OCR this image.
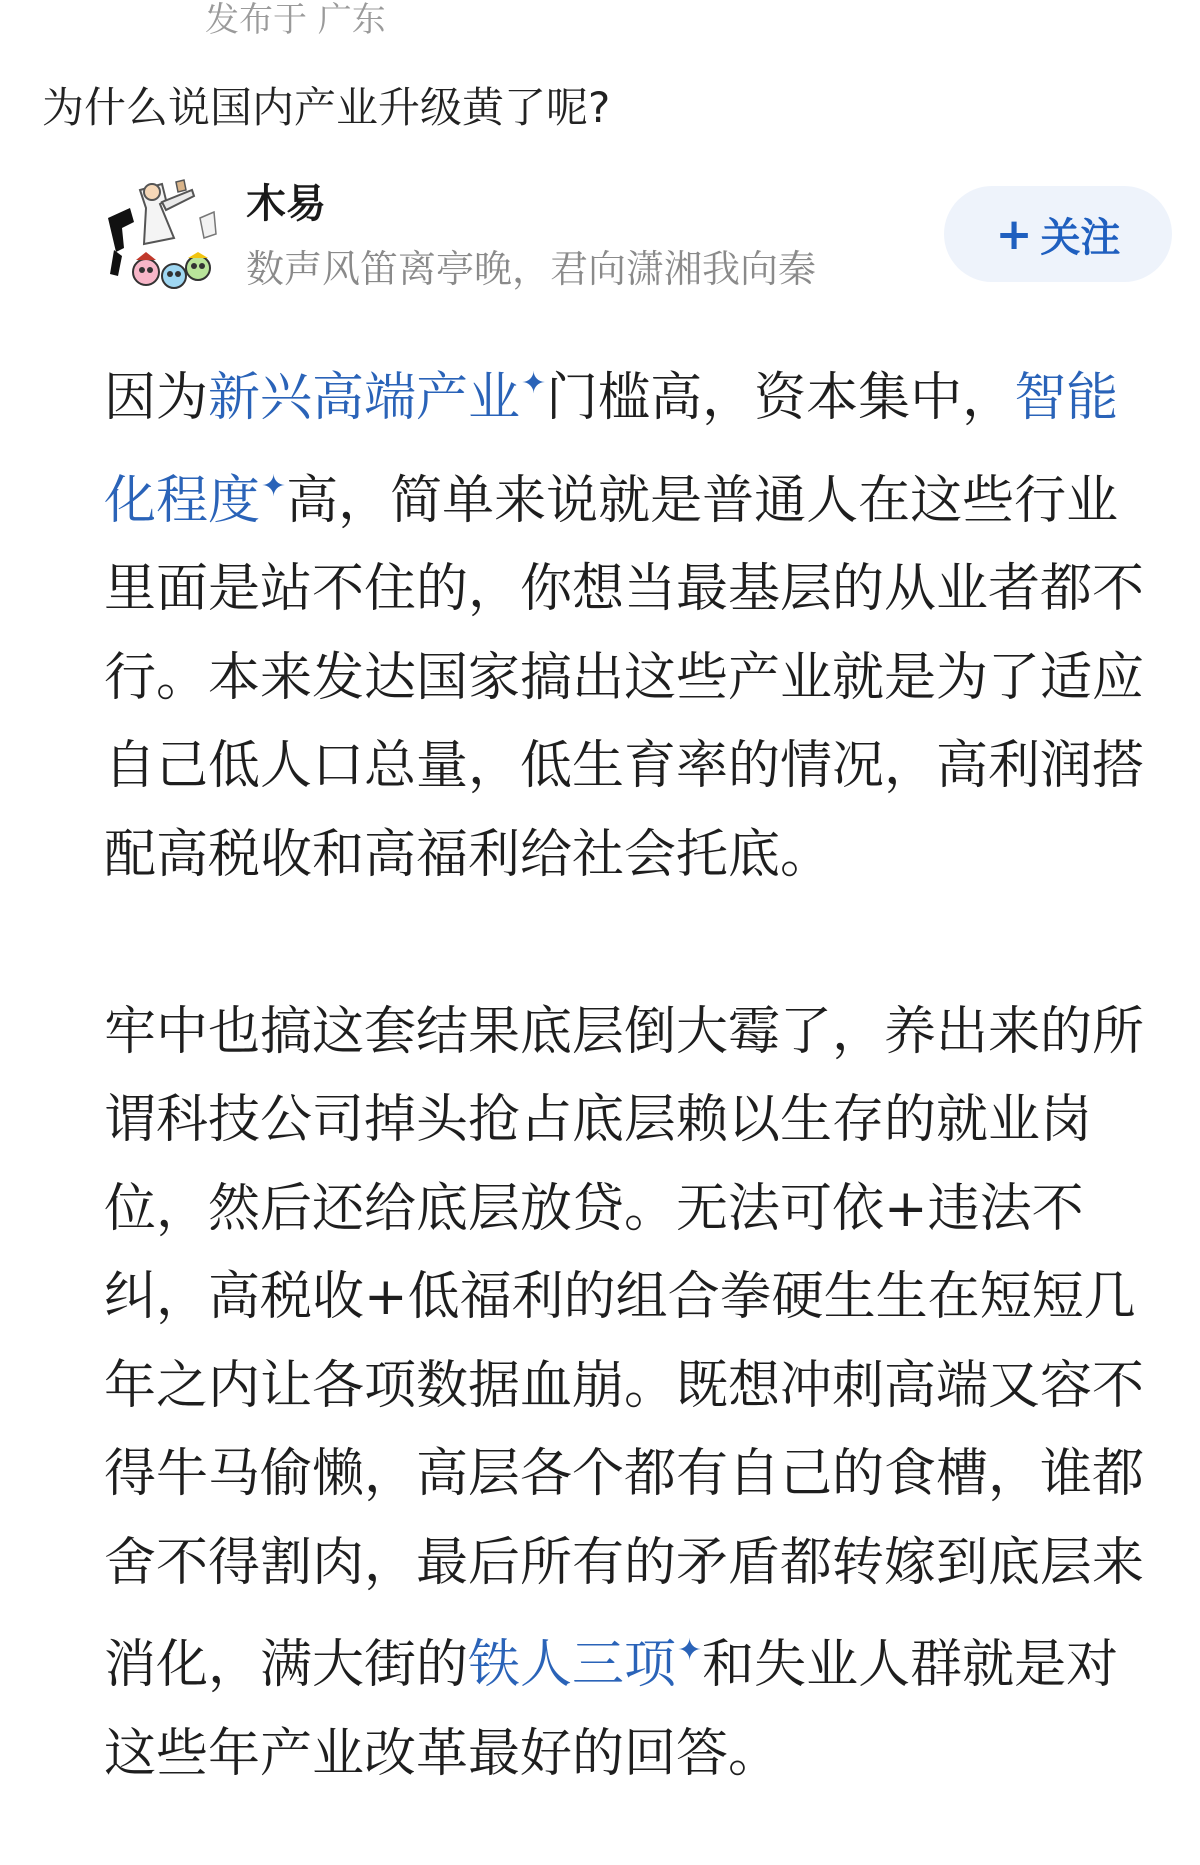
发布于 广东
为什么说国内产业升级黄了呢?
木易
数声风笛离亭晚，君向潇湘我向秦
+ 关注

因为新兴高端产业✦门槛高，资本集中，智能化程度✦高，简单来说就是普通人在这些行业里面是站不住的，你想当最基层的从业者都不行。本来发达国家搞出这些产业就是为了适应自己低人口总量，低生育率的情况，高利润搭配高税收和高福利给社会托底。

牢中也搞这套结果底层倒大霉了，养出来的所谓科技公司掉头抢占底层赖以生存的就业岗位，然后还给底层放贷。无法可依+违法不纠，高税收+低福利的组合拳硬生生在短短几年之内让各项数据血崩。既想冲刺高端又容不得牛马偷懒，高层各个都有自己的食槽，谁都舍不得割肉，最后所有的矛盾都转嫁到底层来消化，满大街的铁人三项✦和失业人群就是对这些年产业改革最好的回答。
